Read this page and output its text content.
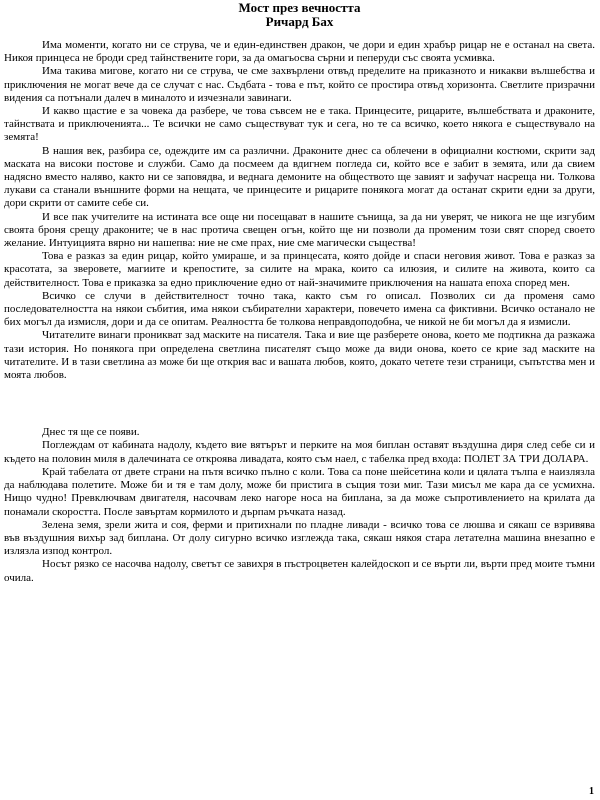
Мост през вечността
Ричард Бах

Има моменти, когато ни се струва, че и един-единствен дракон, че дори и един храбър рицар не е останал на света. Никоя принцеса не броди сред тайнствените гори, за да омагьосва сърни и пеперуди със своята усмивка.

Има такива мигове, когато ни се струва, че сме захвърлени отвъд пределите на приказното и никакви вълшебства и приключения не могат вече да се случат с нас. Съдбата - това е път, който се простира отвъд хоризонта. Светлите призрачни видения са потънали далеч в миналото и изчезнали завинаги.

И какво щастие е за човека да разбере, че това съвсем не е така. Принцесите, рицарите, вълшебствата и драконите, тайнствата и приключенията... Те всички не само съществуват тук и сега, но те са всичко, което някога е съществувало на земята!

В нашия век, разбира се, одеждите им са различни. Драконите днес са облечени в официални костюми, скрити зад маската на високи постове и служби. Само да посмеем да вдигнем погледа си, който все е забит в земята, или да свием надясно вместо наляво, както ни се заповядва, и веднага демоните на обществото ще завият и зафучат насреща ни. Толкова лукави са станали външните форми на нещата, че принцесите и рицарите понякога могат да останат скрити едни за други, дори скрити от самите себе си.

И все пак учителите на истината все още ни посещават в нашите сънища, за да ни уверят, че никога не ще изгубим своята броня срещу драконите; че в нас протича свещен огън, който ще ни позволи да променим този свят според своето желание. Интуицията вярно ни нашепва: ние не сме прах, ние сме магически същества!

Това е разказ за един рицар, който умираше, и за принцесата, която дойде и спаси неговия живот. Това е разказ за красотата, за зверовете, магиите и крепостите, за силите на мрака, които са илюзия, и силите на живота, които са действителност. Това е приказка за едно приключение едно от най-значимите приключения на нашата епоха според мен.

Всичко се случи в действителност точно така, както съм го описал. Позволих си да променя само последователността на някои събития, има някои събирателни характери, повечето имена са фиктивни. Всичко останало не бих могъл да измисля, дори и да се опитам. Реалността бе толкова неправдоподобна, че никой не би могъл да я измисли.

Читателите винаги проникват зад маските на писателя. Така и вие ще разберете онова, което ме подтикна да разкажа тази история. Но понякога при определена светлина писателят също може да види онова, което се крие зад маските на читателите. И в тази светлина аз може би ще открия вас и вашата любов, която, докато четете тези страници, съпътства мен и моята любов.

Днес тя ще се появи.

Поглеждам от кабината надолу, където вие вятърът и перките на моя биплан оставят въздушна диря след себе си и където на половин миля в далечината се откроява ливадата, която съм наел, с табелка пред входа: ПОЛЕТ ЗА ТРИ ДОЛАРА.

Край табелата от двете страни на пътя всичко пълно с коли. Това са поне шейсетина коли и цялата тълпа е наизлязла да наблюдава полетите. Може би и тя е там долу, може би пристига в същия този миг. Тази мисъл ме кара да се усмихна. Нищо чудно! Превключвам двигателя, насочвам леко нагоре носа на биплана, за да може съпротивлението на крилата да понамали скоростта. После завъртам кормилото и дърпам ръчката назад.

Зелена земя, зрели жита и соя, ферми и притихнали по пладне ливади - всичко това се люшва и сякаш се взривява във въздушния вихър зад биплана. От долу сигурно всичко изглежда така, сякаш някоя стара летателна машина внезапно е излязла изпод контрол.

Носът рязко се насочва надолу, светът се завихря в пъстроцветен калейдоскоп и се върти ли, върти пред моите тъмни очила.

1
